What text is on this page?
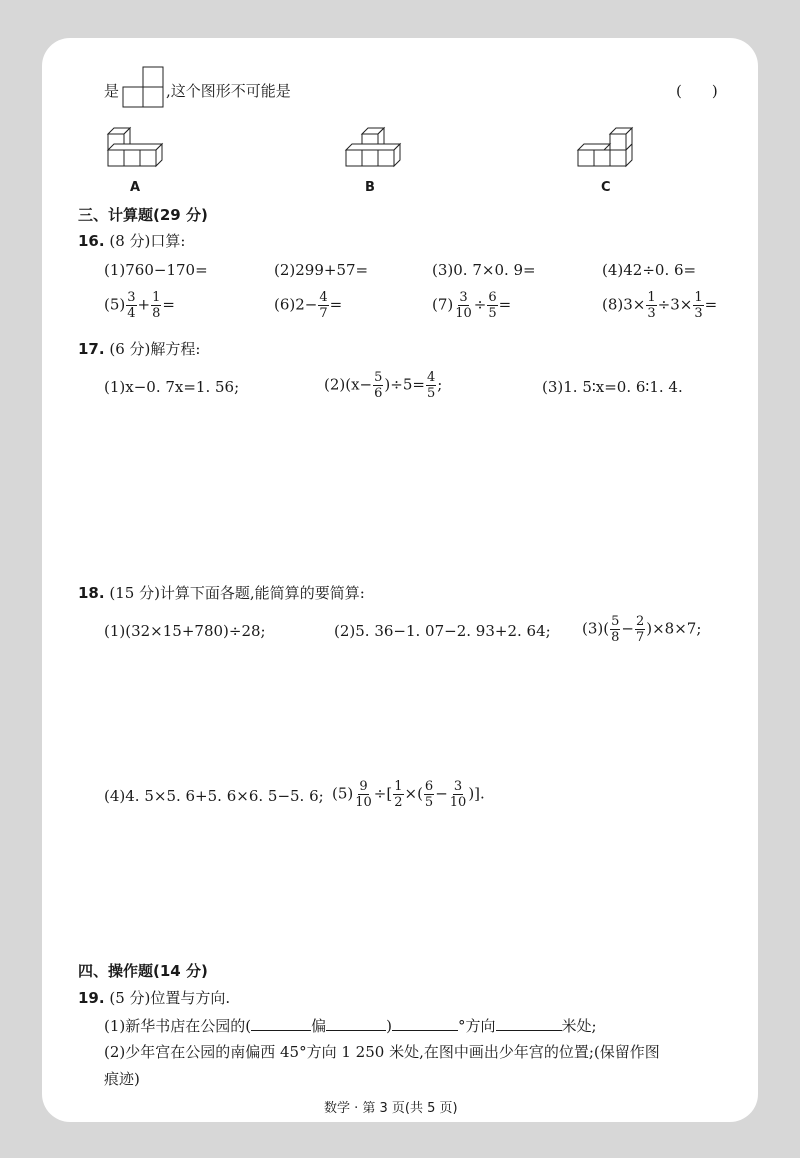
是	,这个图形不可能是	(　　)
A	B	C
三、计算题(29 分)
16. (8 分)口算:
(1)760−170=	(2)299+57=	(3)0. 7×0. 9=	(4)42÷0. 6=
$(5) \frac{3}{4} + \frac{1}{8}$ =	$(6)2- \frac{4}{7}$ =	$(7) \frac{3}{10} \div \frac{6}{5}$ =	$(8)3\times \frac{1}{3} \div 3\times \frac{1}{3}$ =
17. (6 分)解方程:
(1)x−0. 7x=1. 56;	$(2)(x- \frac{5}{6} )\div 5= \frac{4}{5}$ ;	(3)1. 5∶x=0. 6∶1. 4.
18. (15 分)计算下面各题,能简算的要简算:
(1)(32×15+780)÷28;	(2)5. 36−1. 07−2. 93+2. 64; $(3)( \frac{5}{8} - \frac{2}{7} )\times 8\times 7$;
(4)4. 5×5. 6+5. 6×6. 5−5. 6; $(5) \frac{9}{10}$ ÷[ $\frac{1}{2}$ ×( $\frac{6}{5} - \frac{3}{10}$ )].
四、操作题(14 分)
19. (5 分)位置与方向.
(1)新华书店在公园的(	偏	)	°方向	米处;
(2)少年宫在公园的南偏西 45°方向 1 250 米处,在图中画出少年宫的位置;(保留作图
痕迹)
数学 · 第 3 页(共 5 页)
